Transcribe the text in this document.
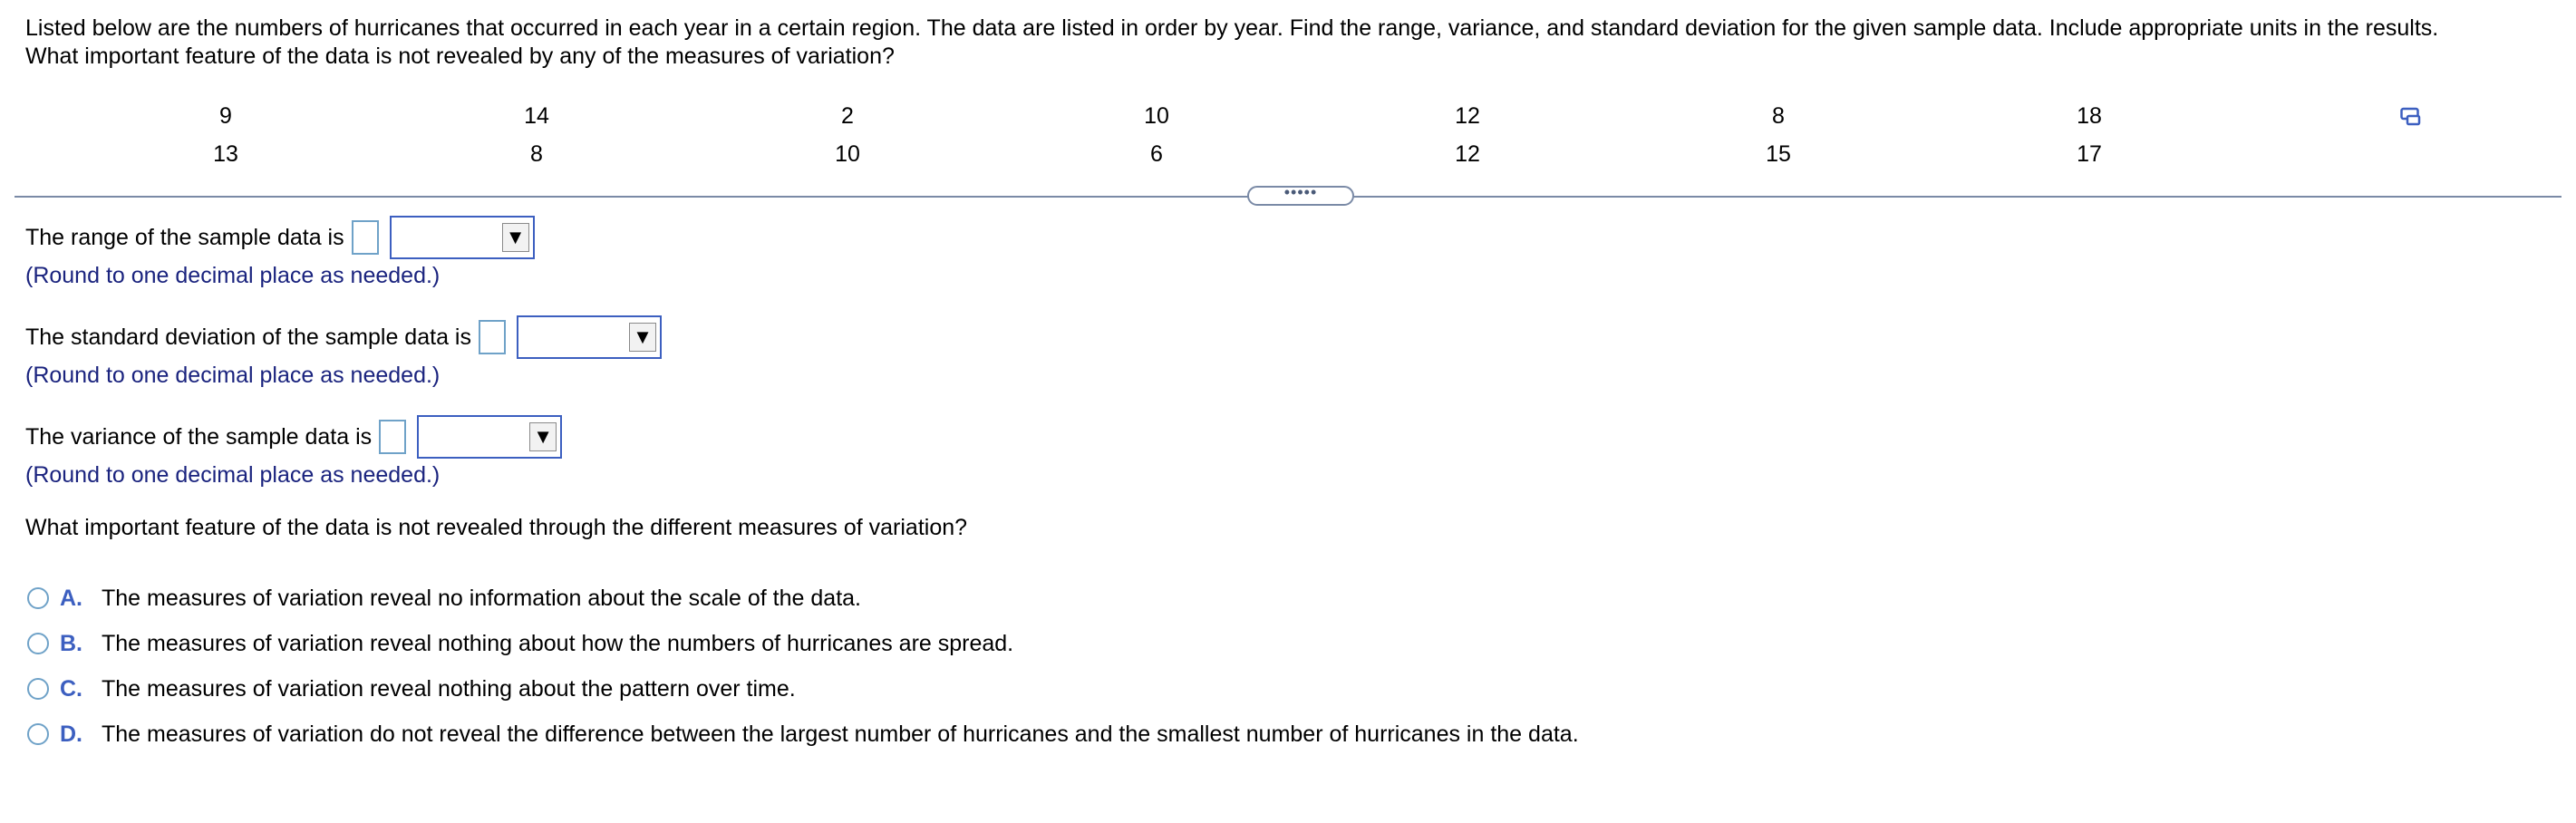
Listed below are the numbers of hurricanes that occurred in each year in a certain region. The data are listed in order by year. Find the range, variance, and standard deviation for the given sample data. Include appropriate units in the results.
What important feature of the data is not revealed by any of the measures of variation?
9	14	2	10	12	8	18
13	8	10	6	12	15	17
•••••
The range of the sample data is	▼
(Round to one decimal place as needed.)
The standard deviation of the sample data is	▼
(Round to one decimal place as needed.)
The variance of the sample data is	▼
(Round to one decimal place as needed.)
What important feature of the data is not revealed through the different measures of variation?
A. The measures of variation reveal no information about the scale of the data.
B. The measures of variation reveal nothing about how the numbers of hurricanes are spread.
C. The measures of variation reveal nothing about the pattern over time.
D. The measures of variation do not reveal the difference between the largest number of hurricanes and the smallest number of hurricanes in the data.
